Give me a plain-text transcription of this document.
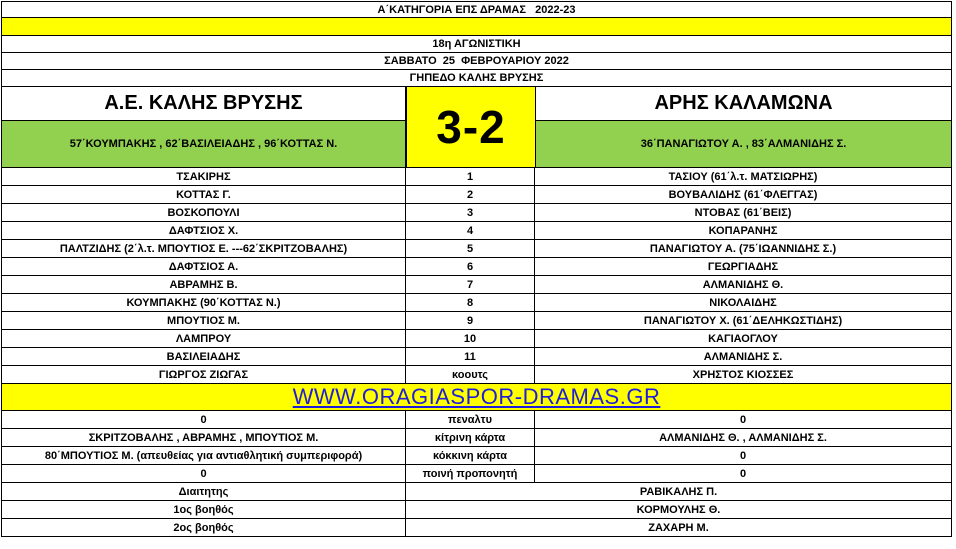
Α΄ΚΑΤΗΓΟΡΙΑ ΕΠΣ ΔΡΑΜΑΣ   2022-23
18η ΑΓΩΝΙΣΤΙΚΗ
ΣΑΒΒΑΤΟ  25  ΦΕΒΡΟΥΑΡΙΟΥ 2022
ΓΗΠΕΔΟ ΚΑΛΗΣ ΒΡΥΣΗΣ
Α.Ε. ΚΑΛΗΣ ΒΡΥΣΗΣ	ΑΡΗΣ ΚΑΛΑΜΩΝΑ
57΄ΚΟΥΜΠΑΚΗΣ , 62΄ΒΑΣΙΛΕΙΑΔΗΣ , 96΄ΚΟΤΤΑΣ Ν.	36΄ΠΑΝΑΓΙΩΤΟΥ Α. , 83΄ΑΛΜΑΝΙΔΗΣ Σ.
3-2
ΤΣΑΚΙΡΗΣ	1	ΤΑΣΙΟΥ (61΄λ.τ. ΜΑΤΣΙΩΡΗΣ)
ΚΟΤΤΑΣ Γ.	2	ΒΟΥΒΑΛΙΔΗΣ (61΄ΦΛΕΓΓΑΣ)
ΒΟΣΚΟΠΟΥΛΙ	3	ΝΤΟΒΑΣ (61΄ΒΕΙΣ)
ΔΑΦΤΣΙΟΣ Χ.	4	ΚΟΠΑΡΑΝΗΣ
ΠΑΛΤΖΙΔΗΣ (2΄λ.τ. ΜΠΟΥΤΙΟΣ Ε. ---62΄ΣΚΡΙΤΖΟΒΑΛΗΣ)	5	ΠΑΝΑΓΙΩΤΟΥ Α. (75΄ΙΩΑΝΝΙΔΗΣ Σ.)
ΔΑΦΤΣΙΟΣ Α.	6	ΓΕΩΡΓΙΑΔΗΣ
ΑΒΡΑΜΗΣ Β.	7	ΑΛΜΑΝΙΔΗΣ Θ.
ΚΟΥΜΠΑΚΗΣ (90΄ΚΟΤΤΑΣ Ν.)	8	ΝΙΚΟΛΑΙΔΗΣ
ΜΠΟΥΤΙΟΣ Μ.	9	ΠΑΝΑΓΙΩΤΟΥ Χ. (61΄ΔΕΛΗΚΩΣΤΙΔΗΣ)
ΛΑΜΠΡΟΥ	10	ΚΑΓΙΑΟΓΛΟΥ
ΒΑΣΙΛΕΙΑΔΗΣ	11	ΑΛΜΑΝΙΔΗΣ Σ.
ΓΙΩΡΓΟΣ ΖΙΩΓΑΣ	κοουτς	ΧΡΗΣΤΟΣ ΚΙΟΣΣΕΣ
WWW.ORAGIASPOR-DRAMAS.GR
0	πεναλτυ	0
ΣΚΡΙΤΖΟΒΑΛΗΣ , ΑΒΡΑΜΗΣ , ΜΠΟΥΤΙΟΣ Μ.	κίτρινη κάρτα	ΑΛΜΑΝΙΔΗΣ Θ. , ΑΛΜΑΝΙΔΗΣ Σ.
80΄ΜΠΟΥΤΙΟΣ Μ. (απευθείας για αντιαθλητική συμπεριφορά)	κόκκινη κάρτα	0
0	ποινή προπονητή	0
Διαιτητης	ΡΑΒΙΚΑΛΗΣ Π.
1ος βοηθός	ΚΟΡΜΟΥΛΗΣ Θ.
2ος βοηθός	ΖΑΧΑΡΗ Μ.
